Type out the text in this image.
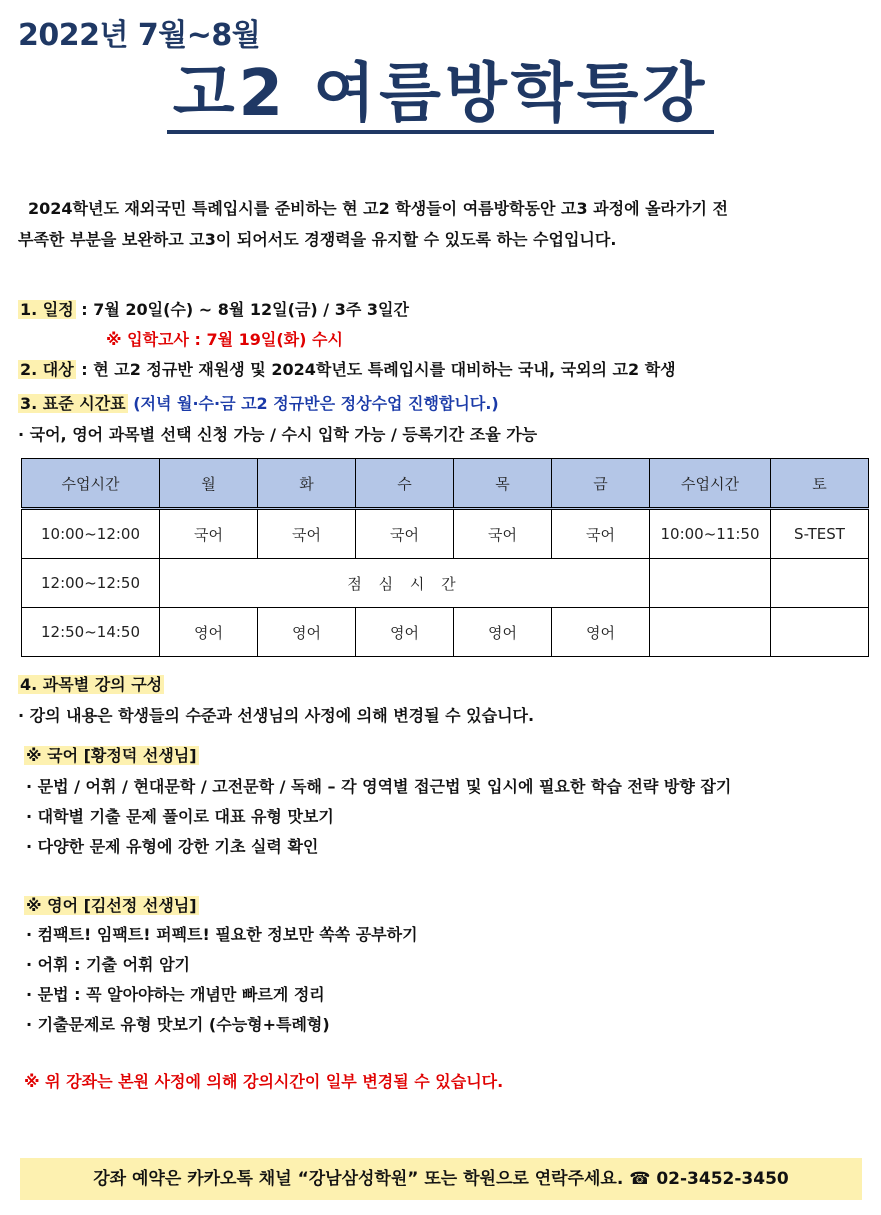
2022년 7월~8월
고2 여름방학특강
2024학년도 재외국민 특례입시를 준비하는 현 고2 학생들이 여름방학동안 고3 과정에 올라가기 전
부족한 부분을 보완하고 고3이 되어서도 경쟁력을 유지할 수 있도록 하는 수업입니다.
1. 일정 : 7월 20일(수) ~ 8월 12일(금) / 3주 3일간
※ 입학고사 : 7월 19일(화) 수시
2. 대상 : 현 고2 정규반 재원생 및 2024학년도 특례입시를 대비하는 국내, 국외의 고2 학생
3. 표준 시간표 (저녁 월·수·금 고2 정규반은 정상수업 진행합니다.)
· 국어, 영어 과목별 선택 신청 가능 / 수시 입학 가능 / 등록기간 조율 가능
수업시간	월	화	수	목	금	수업시간	토
10:00~12:00	국어	국어	국어	국어	국어	10:00~11:50	S-TEST
12:00~12:50	점 심 시 간						
12:50~14:50	영어	영어	영어	영어	영어		
4. 과목별 강의 구성
· 강의 내용은 학생들의 수준과 선생님의 사정에 의해 변경될 수 있습니다.
※ 국어 [황정덕 선생님]
· 문법 / 어휘 / 현대문학 / 고전문학 / 독해 – 각 영역별 접근법 및 입시에 필요한 학습 전략 방향 잡기
· 대학별 기출 문제 풀이로 대표 유형 맛보기
· 다양한 문제 유형에 강한 기초 실력 확인
※ 영어 [김선정 선생님]
· 컴팩트! 임팩트! 퍼펙트! 필요한 정보만 쏙쏙 공부하기
· 어휘 : 기출 어휘 암기
· 문법 : 꼭 알아야하는 개념만 빠르게 정리
· 기출문제로 유형 맛보기 (수능형+특례형)
※ 위 강좌는 본원 사정에 의해 강의시간이 일부 변경될 수 있습니다.
강좌 예약은 카카오톡 채널 “강남삼성학원” 또는 학원으로 연락주세요. ☎ 02-3452-3450
